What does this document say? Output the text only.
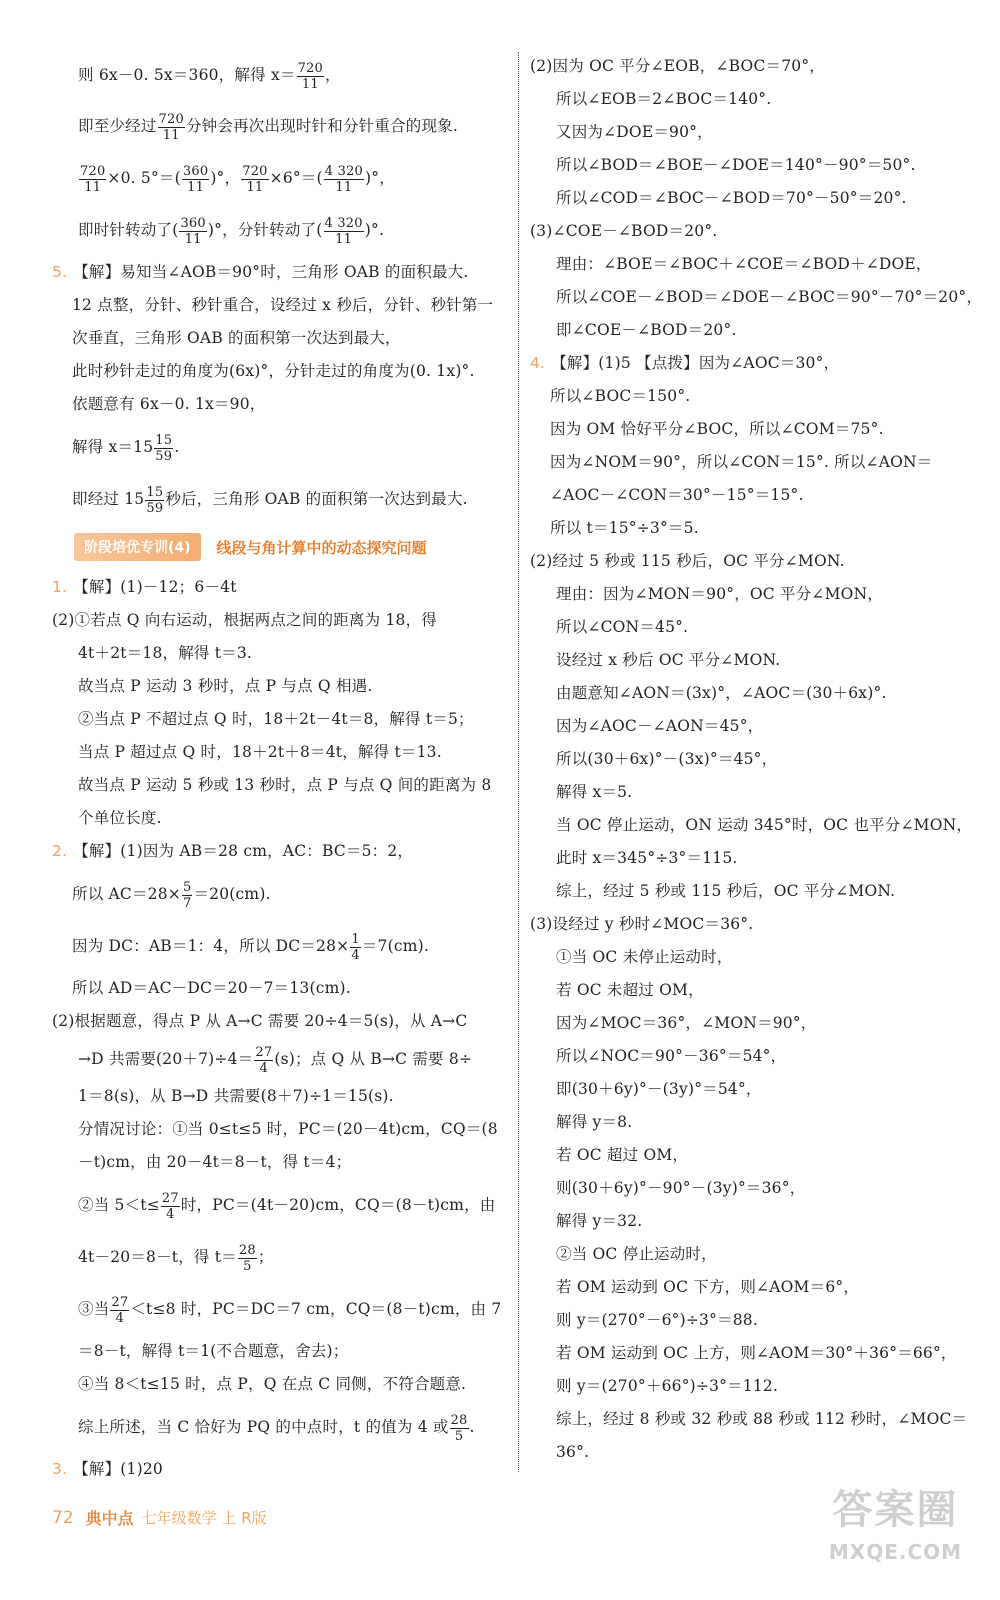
则 6x－0. 5x＝360，解得 $x= \frac{720}{11}$ ，
即至少经过 $\frac{720}{11}$ 分钟会再次出现时针和分针重合的现象.
$\frac{720}{11} \times 0$. $5^\circ=( \frac{360}{11}$ )°， $\frac{720}{11} \times 6^\circ=( \frac{4 320}{11}$ )°，
即时针转动了( $\frac{360}{11}$ )°，分针转动了( $\frac{4 320}{11}$ )°.
5. 【解】易知当∠AOB＝90°时，三角形 OAB 的面积最大.
12 点整，分针、秒针重合，设经过 x 秒后，分针、秒针第一
次垂直，三角形 OAB 的面积第一次达到最大，
此时秒针走过的角度为(6x)°，分针走过的角度为(0. 1x)°.
依题意有 6x－0. 1x＝90，
解得 $x=15 \frac{15}{59}$ .
即经过 $15 \frac{15}{59}$ 秒后，三角形 OAB 的面积第一次达到最大.
阶段培优专训(4)	线段与角计算中的动态探究问题
1. 【解】(1)－12；6－4t
(2)①若点 Q 向右运动，根据两点之间的距离为 18，得
4t＋2t＝18，解得 t＝3.
故当点 P 运动 3 秒时，点 P 与点 Q 相遇.
②当点 P 不超过点 Q 时，18＋2t－4t＝8，解得 t＝5；
当点 P 超过点 Q 时，18＋2t＋8＝4t，解得 t＝13.
故当点 P 运动 5 秒或 13 秒时，点 P 与点 Q 间的距离为 8
个单位长度.
2. 【解】(1)因为 AB＝28 cm，AC：BC＝5：2，
所以 $AC=28\times \frac{5}{7} =20(cm)$.
因为 DC：AB＝1：4，所以 $DC=28\times \frac{1}{4} =7(cm)$.
所以 AD＝AC－DC＝20－7＝13(cm).
(2)根据题意，得点 P 从 A→C 需要 20÷4＝5(s)，从 A→C
→D 共需要$(20+7)\div 4= \frac{27}{4} (s)$；点 Q 从 B→C 需要 8÷
1＝8(s)，从 B→D 共需要(8＋7)÷1＝15(s).
分情况讨论：①当 0≤t≤5 时，PC＝(20－4t)cm，CQ＝(8
－t)cm，由 20－4t＝8－t，得 t＝4；
②当 $5<t\le \frac{27}{4}$ 时，PC＝(4t－20)cm，CQ＝(8－t)cm，由
4t－20＝8－t，得 $t= \frac{28}{5}$ ；
③当 $\frac{27}{4} <t\le 8$ 时，PC＝DC＝7 cm，CQ＝(8－t)cm，由 7
＝8－t，解得 t＝1(不合题意，舍去)；
④当 8＜t≤15 时，点 P，Q 在点 C 同侧，不符合题意.
综上所述，当 C 恰好为 PQ 的中点时，t 的值为 4 或 $\frac{28}{5}$ .
3. 【解】(1)20
(2)因为 OC 平分∠EOB，∠BOC＝70°，
所以∠EOB＝2∠BOC＝140°.
又因为∠DOE＝90°，
所以∠BOD＝∠BOE－∠DOE＝140°－90°＝50°.
所以∠COD＝∠BOC－∠BOD＝70°－50°＝20°.
(3)∠COE－∠BOD＝20°.
理由：∠BOE＝∠BOC＋∠COE＝∠BOD＋∠DOE，
所以∠COE－∠BOD＝∠DOE－∠BOC＝90°－70°＝20°，
即∠COE－∠BOD＝20°.
4. 【解】(1)5 【点拨】因为∠AOC＝30°，
所以∠BOC＝150°.
因为 OM 恰好平分∠BOC，所以∠COM＝75°.
因为∠NOM＝90°，所以∠CON＝15°. 所以∠AON＝
∠AOC－∠CON＝30°－15°＝15°.
所以 t＝15°÷3°＝5.
(2)经过 5 秒或 115 秒后，OC 平分∠MON.
理由：因为∠MON＝90°，OC 平分∠MON，
所以∠CON＝45°.
设经过 x 秒后 OC 平分∠MON.
由题意知∠AON＝(3x)°，∠AOC＝(30＋6x)°.
因为∠AOC－∠AON＝45°，
所以(30＋6x)°－(3x)°＝45°，
解得 x＝5.
当 OC 停止运动，ON 运动 345°时，OC 也平分∠MON，
此时 x＝345°÷3°＝115.
综上，经过 5 秒或 115 秒后，OC 平分∠MON.
(3)设经过 y 秒时∠MOC＝36°.
①当 OC 未停止运动时，
若 OC 未超过 OM，
因为∠MOC＝36°，∠MON＝90°，
所以∠NOC＝90°－36°＝54°，
即(30＋6y)°－(3y)°＝54°，
解得 y＝8.
若 OC 超过 OM，
则(30＋6y)°－90°－(3y)°＝36°，
解得 y＝32.
②当 OC 停止运动时，
若 OM 运动到 OC 下方，则∠AOM＝6°，
则 y＝(270°－6°)÷3°＝88.
若 OM 运动到 OC 上方，则∠AOM＝30°＋36°＝66°，
则 y＝(270°＋66°)÷3°＝112.
综上，经过 8 秒或 32 秒或 88 秒或 112 秒时，∠MOC＝
36°.
72 典中点 七年级数学 上 R版	答案圈
MXQE.COM
